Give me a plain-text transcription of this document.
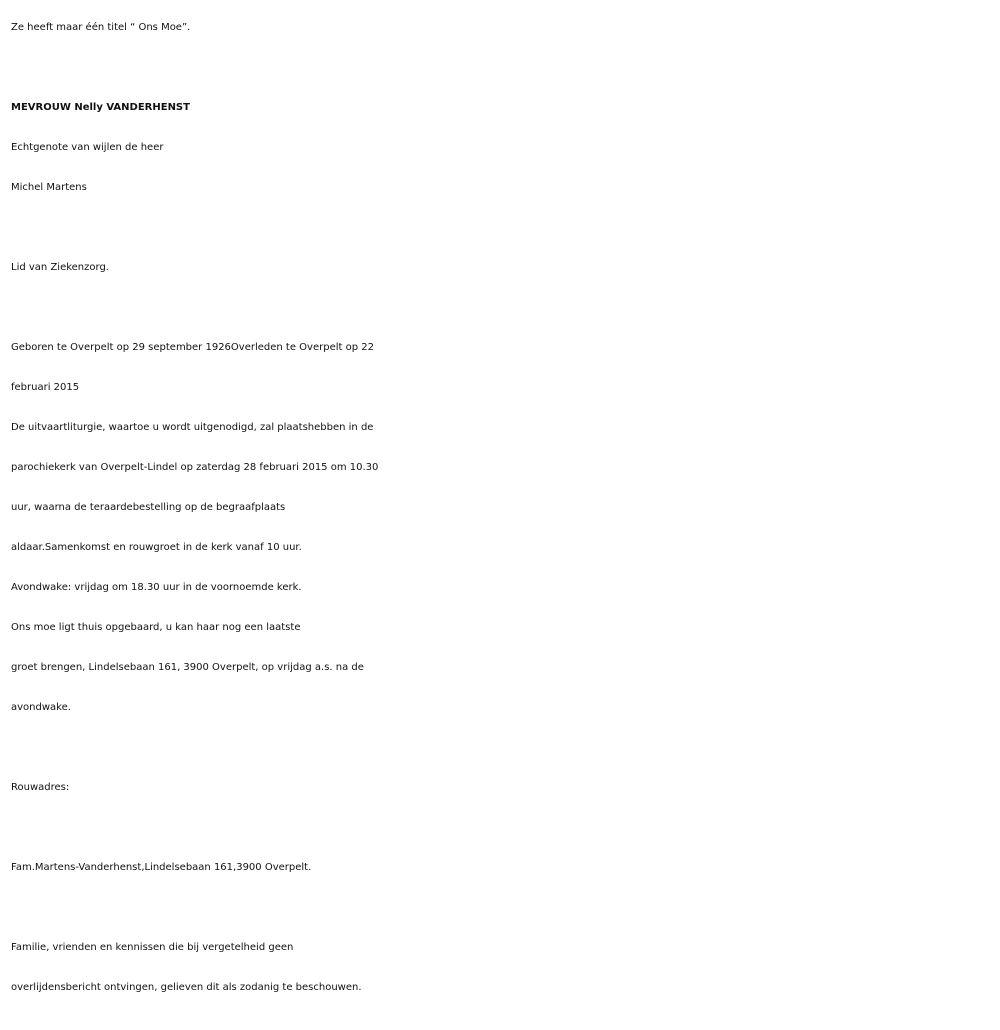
Ze heeft maar één titel “ Ons Moe”.

MEVROUW Nelly VANDERHENST

Echtgenote van wijlen de heer

Michel Martens

Lid van Ziekenzorg.

Geboren te Overpelt op 29 september 1926Overleden te Overpelt op 22

februari 2015

De uitvaartliturgie, waartoe u wordt uitgenodigd, zal plaatshebben in de

parochiekerk van Overpelt-Lindel op zaterdag 28 februari 2015 om 10.30

uur, waarna de teraardebestelling op de begraafplaats

aldaar.Samenkomst en rouwgroet in de kerk vanaf 10 uur.

Avondwake: vrijdag om 18.30 uur in de voornoemde kerk.

Ons moe ligt thuis opgebaard, u kan haar nog een laatste

groet brengen, Lindelsebaan 161, 3900 Overpelt, op vrijdag a.s. na de

avondwake.

Rouwadres:

Fam.Martens-Vanderhenst,Lindelsebaan 161,3900 Overpelt.

Familie, vrienden en kennissen die bij vergetelheid geen

overlijdensbericht ontvingen, gelieven dit als zodanig te beschouwen.
